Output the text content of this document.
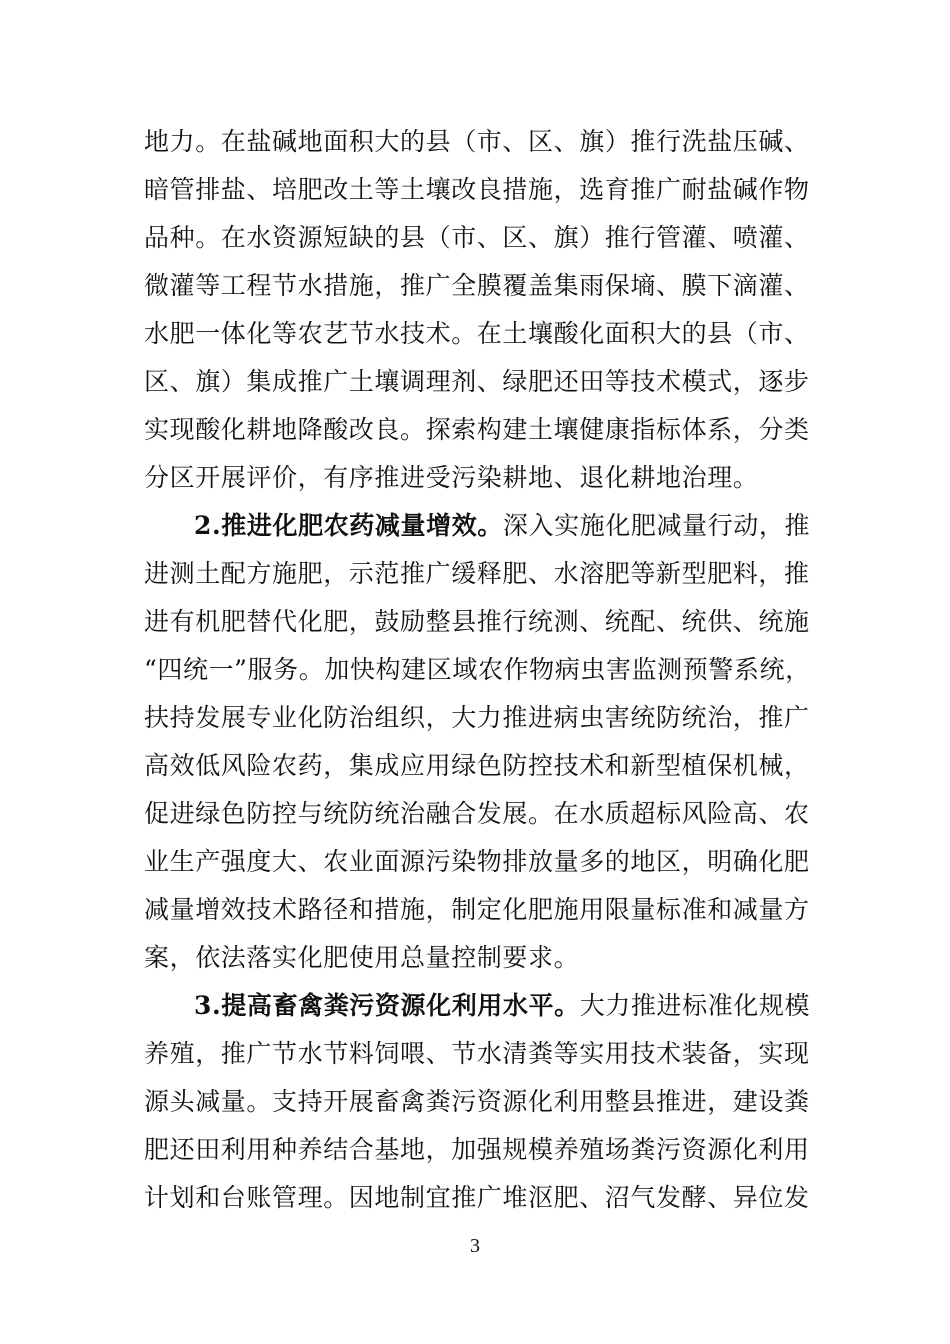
地力。在盐碱地面积大的县（市、区、旗）推行洗盐压碱、
暗管排盐、培肥改土等土壤改良措施，选育推广耐盐碱作物
品种。在水资源短缺的县（市、区、旗）推行管灌、喷灌、
微灌等工程节水措施，推广全膜覆盖集雨保墒、膜下滴灌、
水肥一体化等农艺节水技术。在土壤酸化面积大的县（市、
区、旗）集成推广土壤调理剂、绿肥还田等技术模式，逐步
实现酸化耕地降酸改良。探索构建土壤健康指标体系，分类
分区开展评价，有序推进受污染耕地、退化耕地治理。
2.推进化肥农药减量增效。深入实施化肥减量行动，推
进测土配方施肥，示范推广缓释肥、水溶肥等新型肥料，推
进有机肥替代化肥，鼓励整县推行统测、统配、统供、统施
“四统一”服务。加快构建区域农作物病虫害监测预警系统，
扶持发展专业化防治组织，大力推进病虫害统防统治，推广
高效低风险农药，集成应用绿色防控技术和新型植保机械，
促进绿色防控与统防统治融合发展。在水质超标风险高、农
业生产强度大、农业面源污染物排放量多的地区，明确化肥
减量增效技术路径和措施，制定化肥施用限量标准和减量方
案，依法落实化肥使用总量控制要求。
3.提高畜禽粪污资源化利用水平。大力推进标准化规模
养殖，推广节水节料饲喂、节水清粪等实用技术装备，实现
源头减量。支持开展畜禽粪污资源化利用整县推进，建设粪
肥还田利用种养结合基地，加强规模养殖场粪污资源化利用
计划和台账管理。因地制宜推广堆沤肥、沼气发酵、异位发
3
